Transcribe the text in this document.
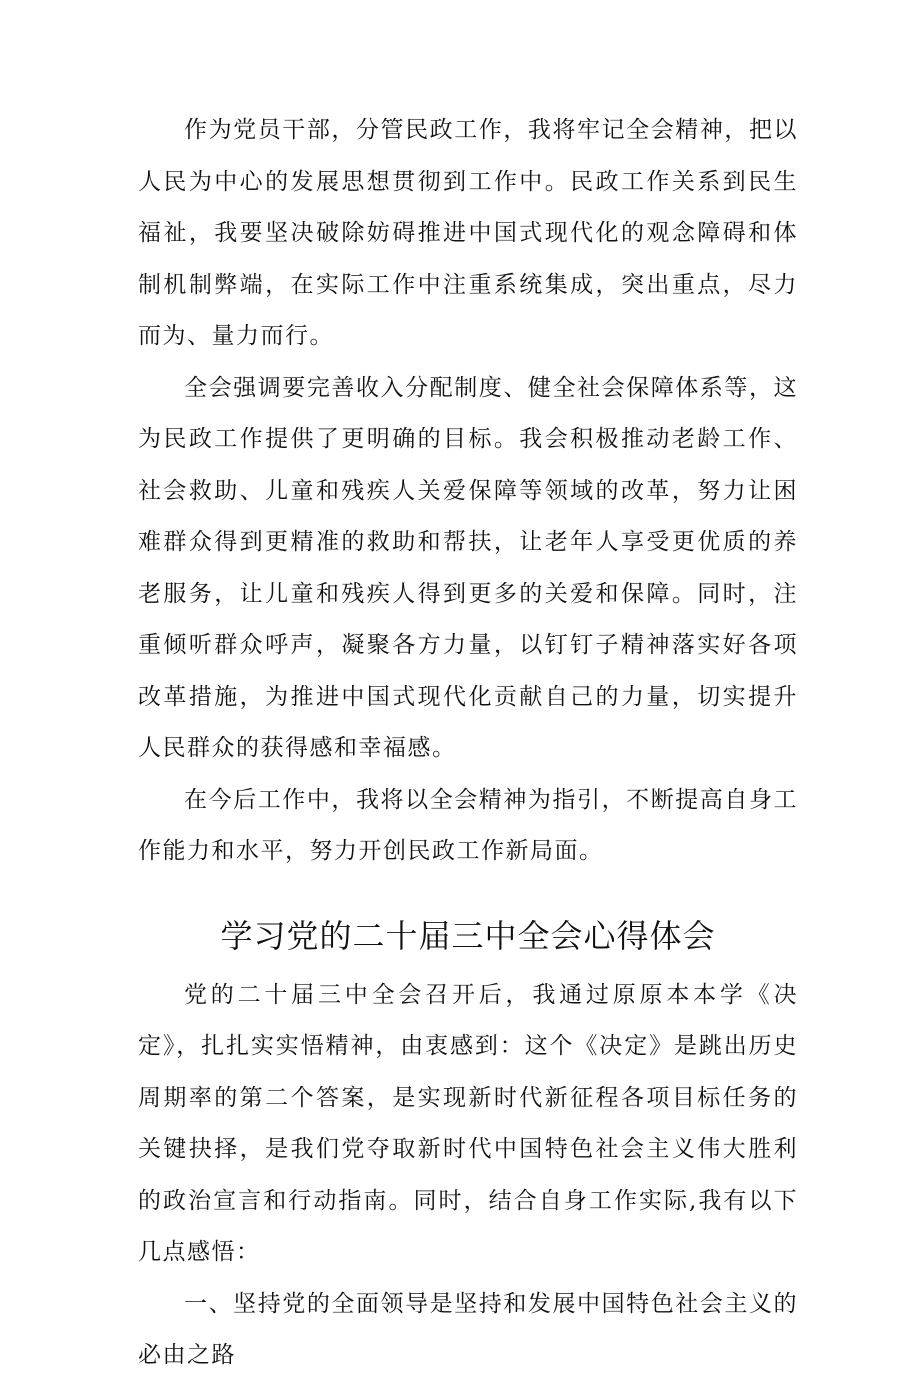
作为党员干部，分管民政工作，我将牢记全会精神，把以人民为中心的发展思想贯彻到工作中。民政工作关系到民生福祉，我要坚决破除妨碍推进中国式现代化的观念障碍和体制机制弊端，在实际工作中注重系统集成，突出重点，尽力而为、量力而行。

全会强调要完善收入分配制度、健全社会保障体系等，这为民政工作提供了更明确的目标。我会积极推动老龄工作、社会救助、儿童和残疾人关爱保障等领域的改革，努力让困难群众得到更精准的救助和帮扶，让老年人享受更优质的养老服务，让儿童和残疾人得到更多的关爱和保障。同时，注重倾听群众呼声，凝聚各方力量，以钉钉子精神落实好各项改革措施，为推进中国式现代化贡献自己的力量，切实提升人民群众的获得感和幸福感。

在今后工作中，我将以全会精神为指引，不断提高自身工作能力和水平，努力开创民政工作新局面。

学习党的二十届三中全会心得体会

党的二十届三中全会召开后，我通过原原本本学《决定》，扎扎实实悟精神，由衷感到：这个《决定》是跳出历史周期率的第二个答案，是实现新时代新征程各项目标任务的关键抉择，是我们党夺取新时代中国特色社会主义伟大胜利的政治宣言和行动指南。同时，结合自身工作实际,我有以下几点感悟：

一、坚持党的全面领导是坚持和发展中国特色社会主义的必由之路
